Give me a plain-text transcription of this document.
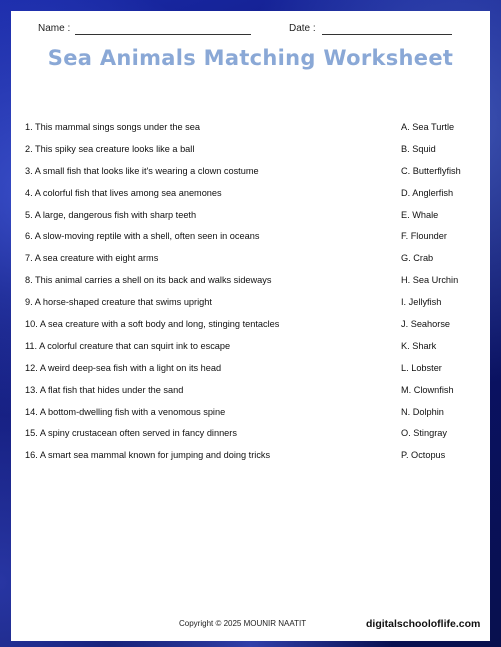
Name :	Date :
Sea Animals Matching Worksheet
1. This mammal sings songs under the sea
2. This spiky sea creature looks like a ball
3. A small fish that looks like it's wearing a clown costume
4. A colorful fish that lives among sea anemones
5. A large, dangerous fish with sharp teeth
6. A slow-moving reptile with a shell, often seen in oceans
7. A sea creature with eight arms
8. This animal carries a shell on its back and walks sideways
9. A horse-shaped creature that swims upright
10. A sea creature with a soft body and long, stinging tentacles
11. A colorful creature that can squirt ink to escape
12. A weird deep-sea fish with a light on its head
13. A flat fish that hides under the sand
14. A bottom-dwelling fish with a venomous spine
15. A spiny crustacean often served in fancy dinners
16. A smart sea mammal known for jumping and doing tricks
A. Sea Turtle
B. Squid
C. Butterflyfish
D. Anglerfish
E. Whale
F. Flounder
G. Crab
H. Sea Urchin
I. Jellyfish
J. Seahorse
K. Shark
L. Lobster
M. Clownfish
N. Dolphin
O. Stingray
P. Octopus
Copyright © 2025 MOUNIR NAATIT	digitalschooloflife.com
